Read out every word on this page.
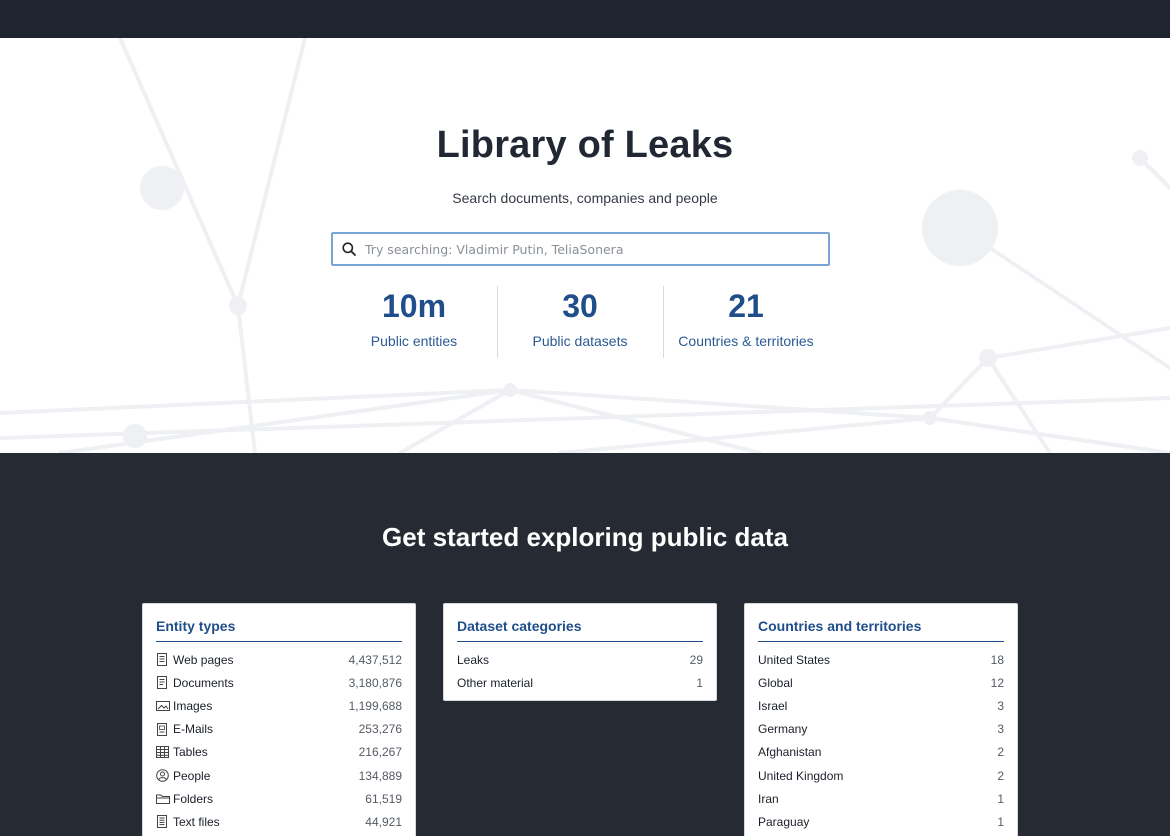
Library of Leaks

Search documents, companies and people

Try searching: Vladimir Putin, TeliaSonera
10m
Public entities
30
Public datasets
21
Countries & territories
Get started exploring public data
Entity types
Web pages	4,437,512
Documents	3,180,876
Images	1,199,688
E-Mails	253,276
Tables	216,267
People	134,889
Folders	61,519
Text files	44,921
Dataset categories
Leaks	29
Other material	1
Countries and territories
United States	18
Global	12
Israel	3
Germany	3
Afghanistan	2
United Kingdom	2
Iran	1
Paraguay	1
